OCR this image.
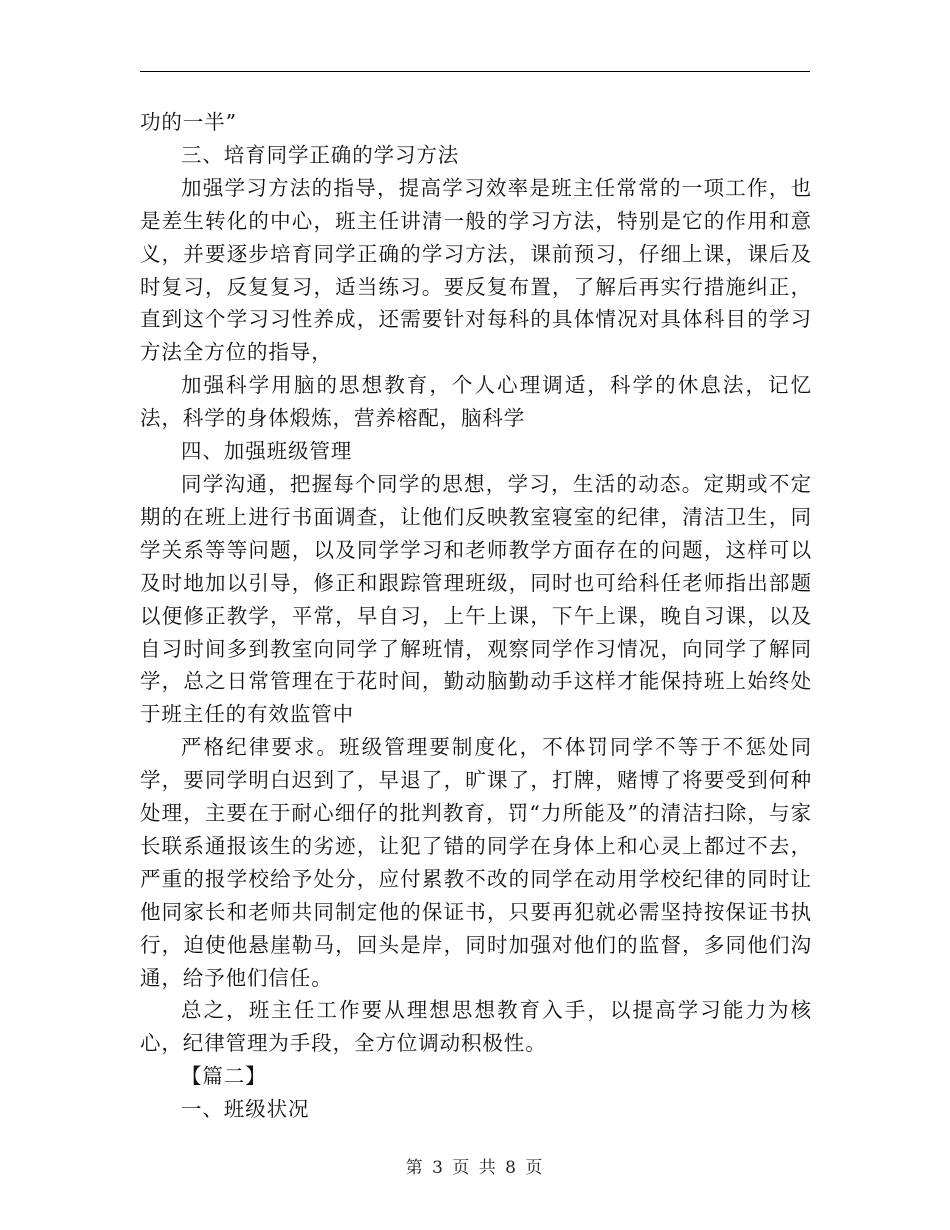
功的一半”

三、培育同学正确的学习方法

加强学习方法的指导，提高学习效率是班主任常常的一项工作，也是差生转化的中心，班主任讲清一般的学习方法，特别是它的作用和意义，并要逐步培育同学正确的学习方法，课前预习，仔细上课，课后及时复习，反复复习，适当练习。要反复布置，了解后再实行措施纠正，直到这个学习习性养成，还需要针对每科的具体情况对具体科目的学习方法全方位的指导，

加强科学用脑的思想教育，个人心理调适，科学的休息法，记忆法，科学的身体煅炼，营养榕配，脑科学

四、加强班级管理

同学沟通，把握每个同学的思想，学习，生活的动态。定期或不定期的在班上进行书面调查，让他们反映教室寝室的纪律，清洁卫生，同学关系等等问题，以及同学学习和老师教学方面存在的问题，这样可以及时地加以引导，修正和跟踪管理班级，同时也可给科任老师指出部题以便修正教学，平常，早自习，上午上课，下午上课，晚自习课，以及自习时间多到教室向同学了解班情，观察同学作习情况，向同学了解同学，总之日常管理在于花时间，勤动脑勤动手这样才能保持班上始终处于班主任的有效监管中

严格纪律要求。班级管理要制度化，不体罚同学不等于不惩处同学，要同学明白迟到了，早退了，旷课了，打牌，赌博了将要受到何种处理，主要在于耐心细仔的批判教育，罚“力所能及”的清洁扫除，与家长联系通报该生的劣迹，让犯了错的同学在身体上和心灵上都过不去，严重的报学校给予处分，应付累教不改的同学在动用学校纪律的同时让他同家长和老师共同制定他的保证书，只要再犯就必需坚持按保证书执行，迫使他悬崖勒马，回头是岸，同时加强对他们的监督，多同他们沟通，给予他们信任。

总之，班主任工作要从理想思想教育入手，以提高学习能力为核心，纪律管理为手段，全方位调动积极性。

【篇二】

一、班级状况

第 3 页 共 8 页
